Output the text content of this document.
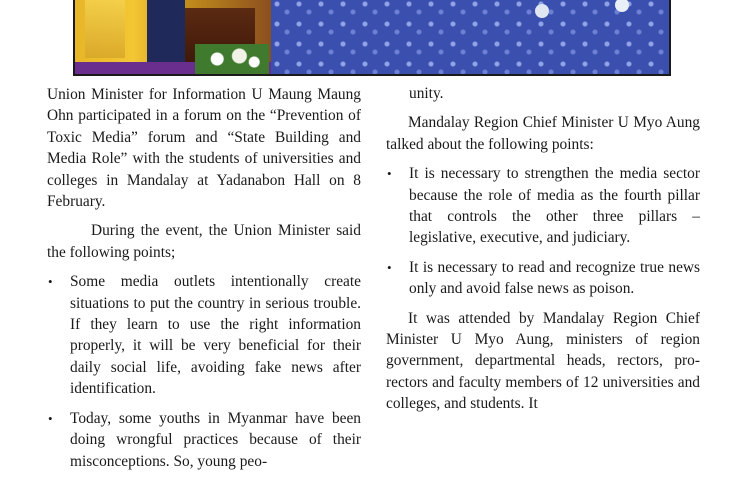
Union Minister for Information U Maung Maung Ohn participated in a forum on the “Prevention of Toxic Media” forum and “State Building and Media Role” with the students of universities and colleges in Mandalay at Yadanabon Hall on 8 February.

During the event, the Union Minister said the following points;

• Some media outlets intentionally create situations to put the country in serious trouble. If they learn to use the right information properly, it will be very beneficial for their daily social life, avoiding fake news after identification.
• Today, some youths in Myanmar have been doing wrongful practices because of their misconceptions. So, young peo-
unity.

Mandalay Region Chief Minister U Myo Aung talked about the following points:

• It is necessary to strengthen the media sector because the role of media as the fourth pillar that controls the other three pillars – legislative, executive, and judiciary.
• It is necessary to read and recognize true news only and avoid false news as poison.

It was attended by Mandalay Region Chief Minister U Myo Aung, ministers of region government, departmental heads, rectors, pro-rectors and faculty members of 12 universities and colleges, and students. It
